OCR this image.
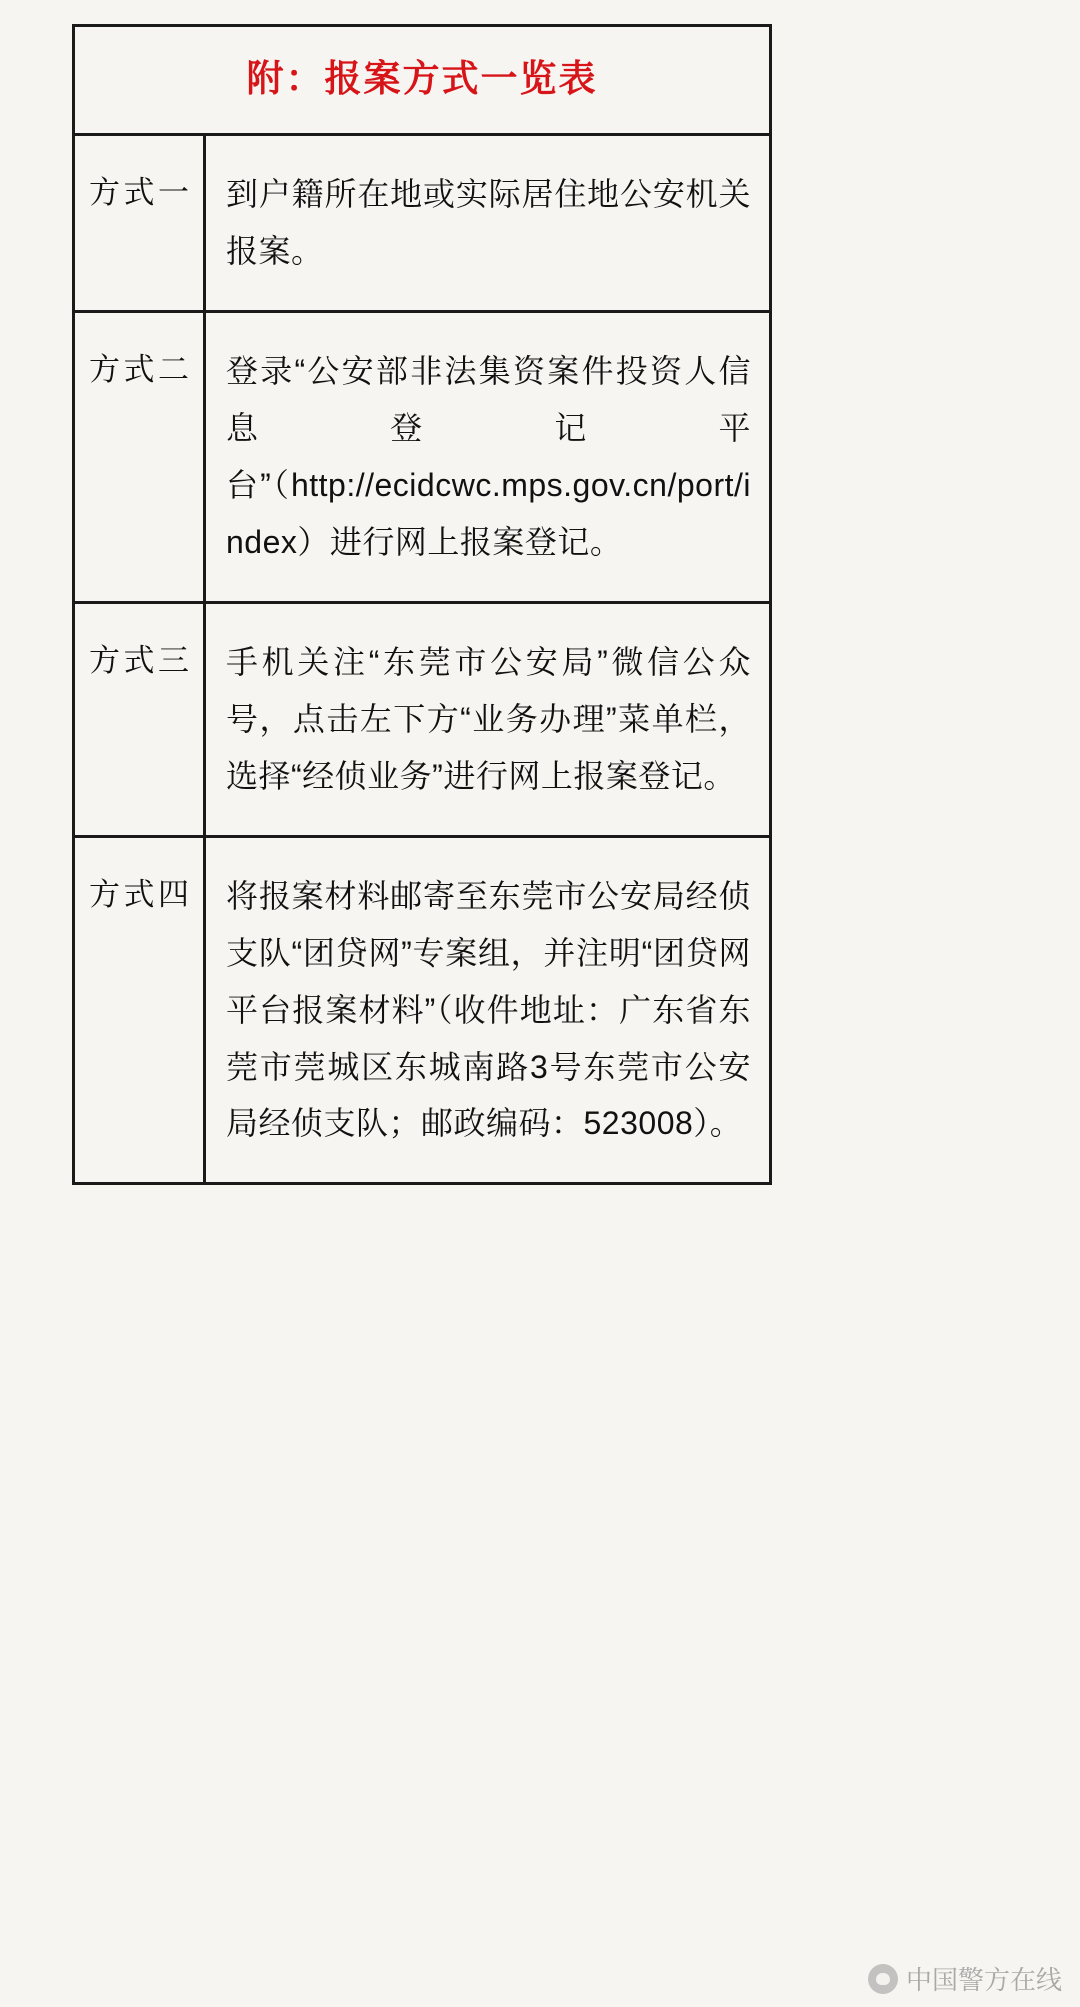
附：报案方式一览表
方式一	到户籍所在地或实际居住地公安机关报案。
方式二	登录“公安部非法集资案件投资人信息登记平台”（http://ecidcwc.mps.gov.cn/port/index）进行网上报案登记。
方式三	手机关注“东莞市公安局”微信公众号，点击左下方“业务办理”菜单栏，选择“经侦业务”进行网上报案登记。
方式四	将报案材料邮寄至东莞市公安局经侦支队“团贷网”专案组，并注明“团贷网平台报案材料”（收件地址：广东省东莞市莞城区东城南路3号东莞市公安局经侦支队；邮政编码：523008）。
中国警方在线
